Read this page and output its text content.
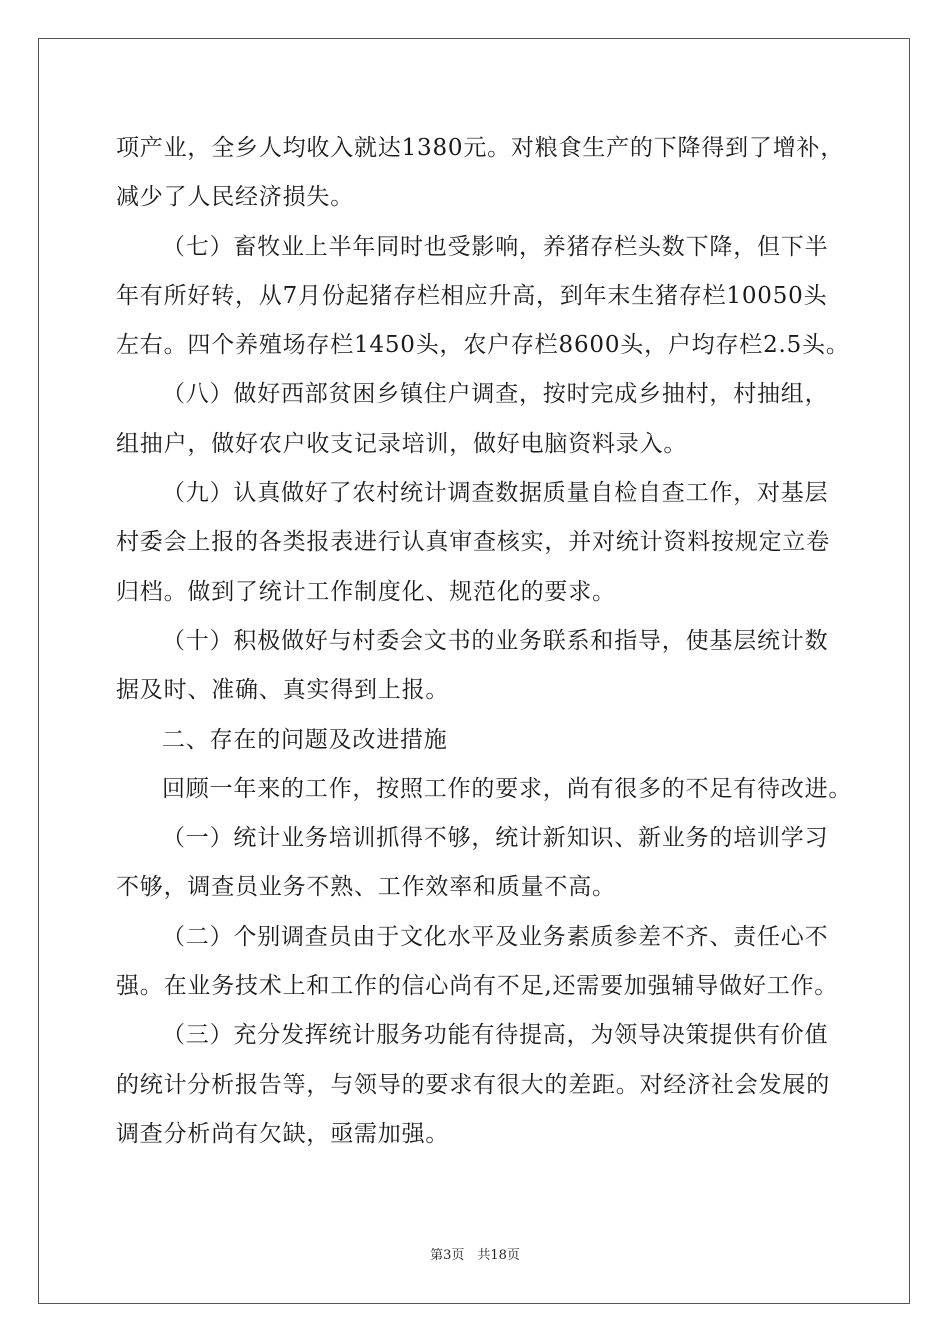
项产业，全乡人均收入就达1380元。对粮食生产的下降得到了增补，
减少了人民经济损失。
（七）畜牧业上半年同时也受影响，养猪存栏头数下降，但下半
年有所好转，从7月份起猪存栏相应升高，到年末生猪存栏10050头
左右。四个养殖场存栏1450头，农户存栏8600头，户均存栏2.5头。
（八）做好西部贫困乡镇住户调查，按时完成乡抽村，村抽组，
组抽户，做好农户收支记录培训，做好电脑资料录入。
（九）认真做好了农村统计调查数据质量自检自查工作，对基层
村委会上报的各类报表进行认真审查核实，并对统计资料按规定立卷
归档。做到了统计工作制度化、规范化的要求。
（十）积极做好与村委会文书的业务联系和指导，使基层统计数
据及时、准确、真实得到上报。
二、存在的问题及改进措施
回顾一年来的工作，按照工作的要求，尚有很多的不足有待改进。
（一）统计业务培训抓得不够，统计新知识、新业务的培训学习
不够，调查员业务不熟、工作效率和质量不高。
（二）个别调查员由于文化水平及业务素质参差不齐、责任心不
强。在业务技术上和工作的信心尚有不足,还需要加强辅导做好工作。
（三）充分发挥统计服务功能有待提高，为领导决策提供有价值
的统计分析报告等，与领导的要求有很大的差距。对经济社会发展的
调查分析尚有欠缺，亟需加强。
第3页　共18页
